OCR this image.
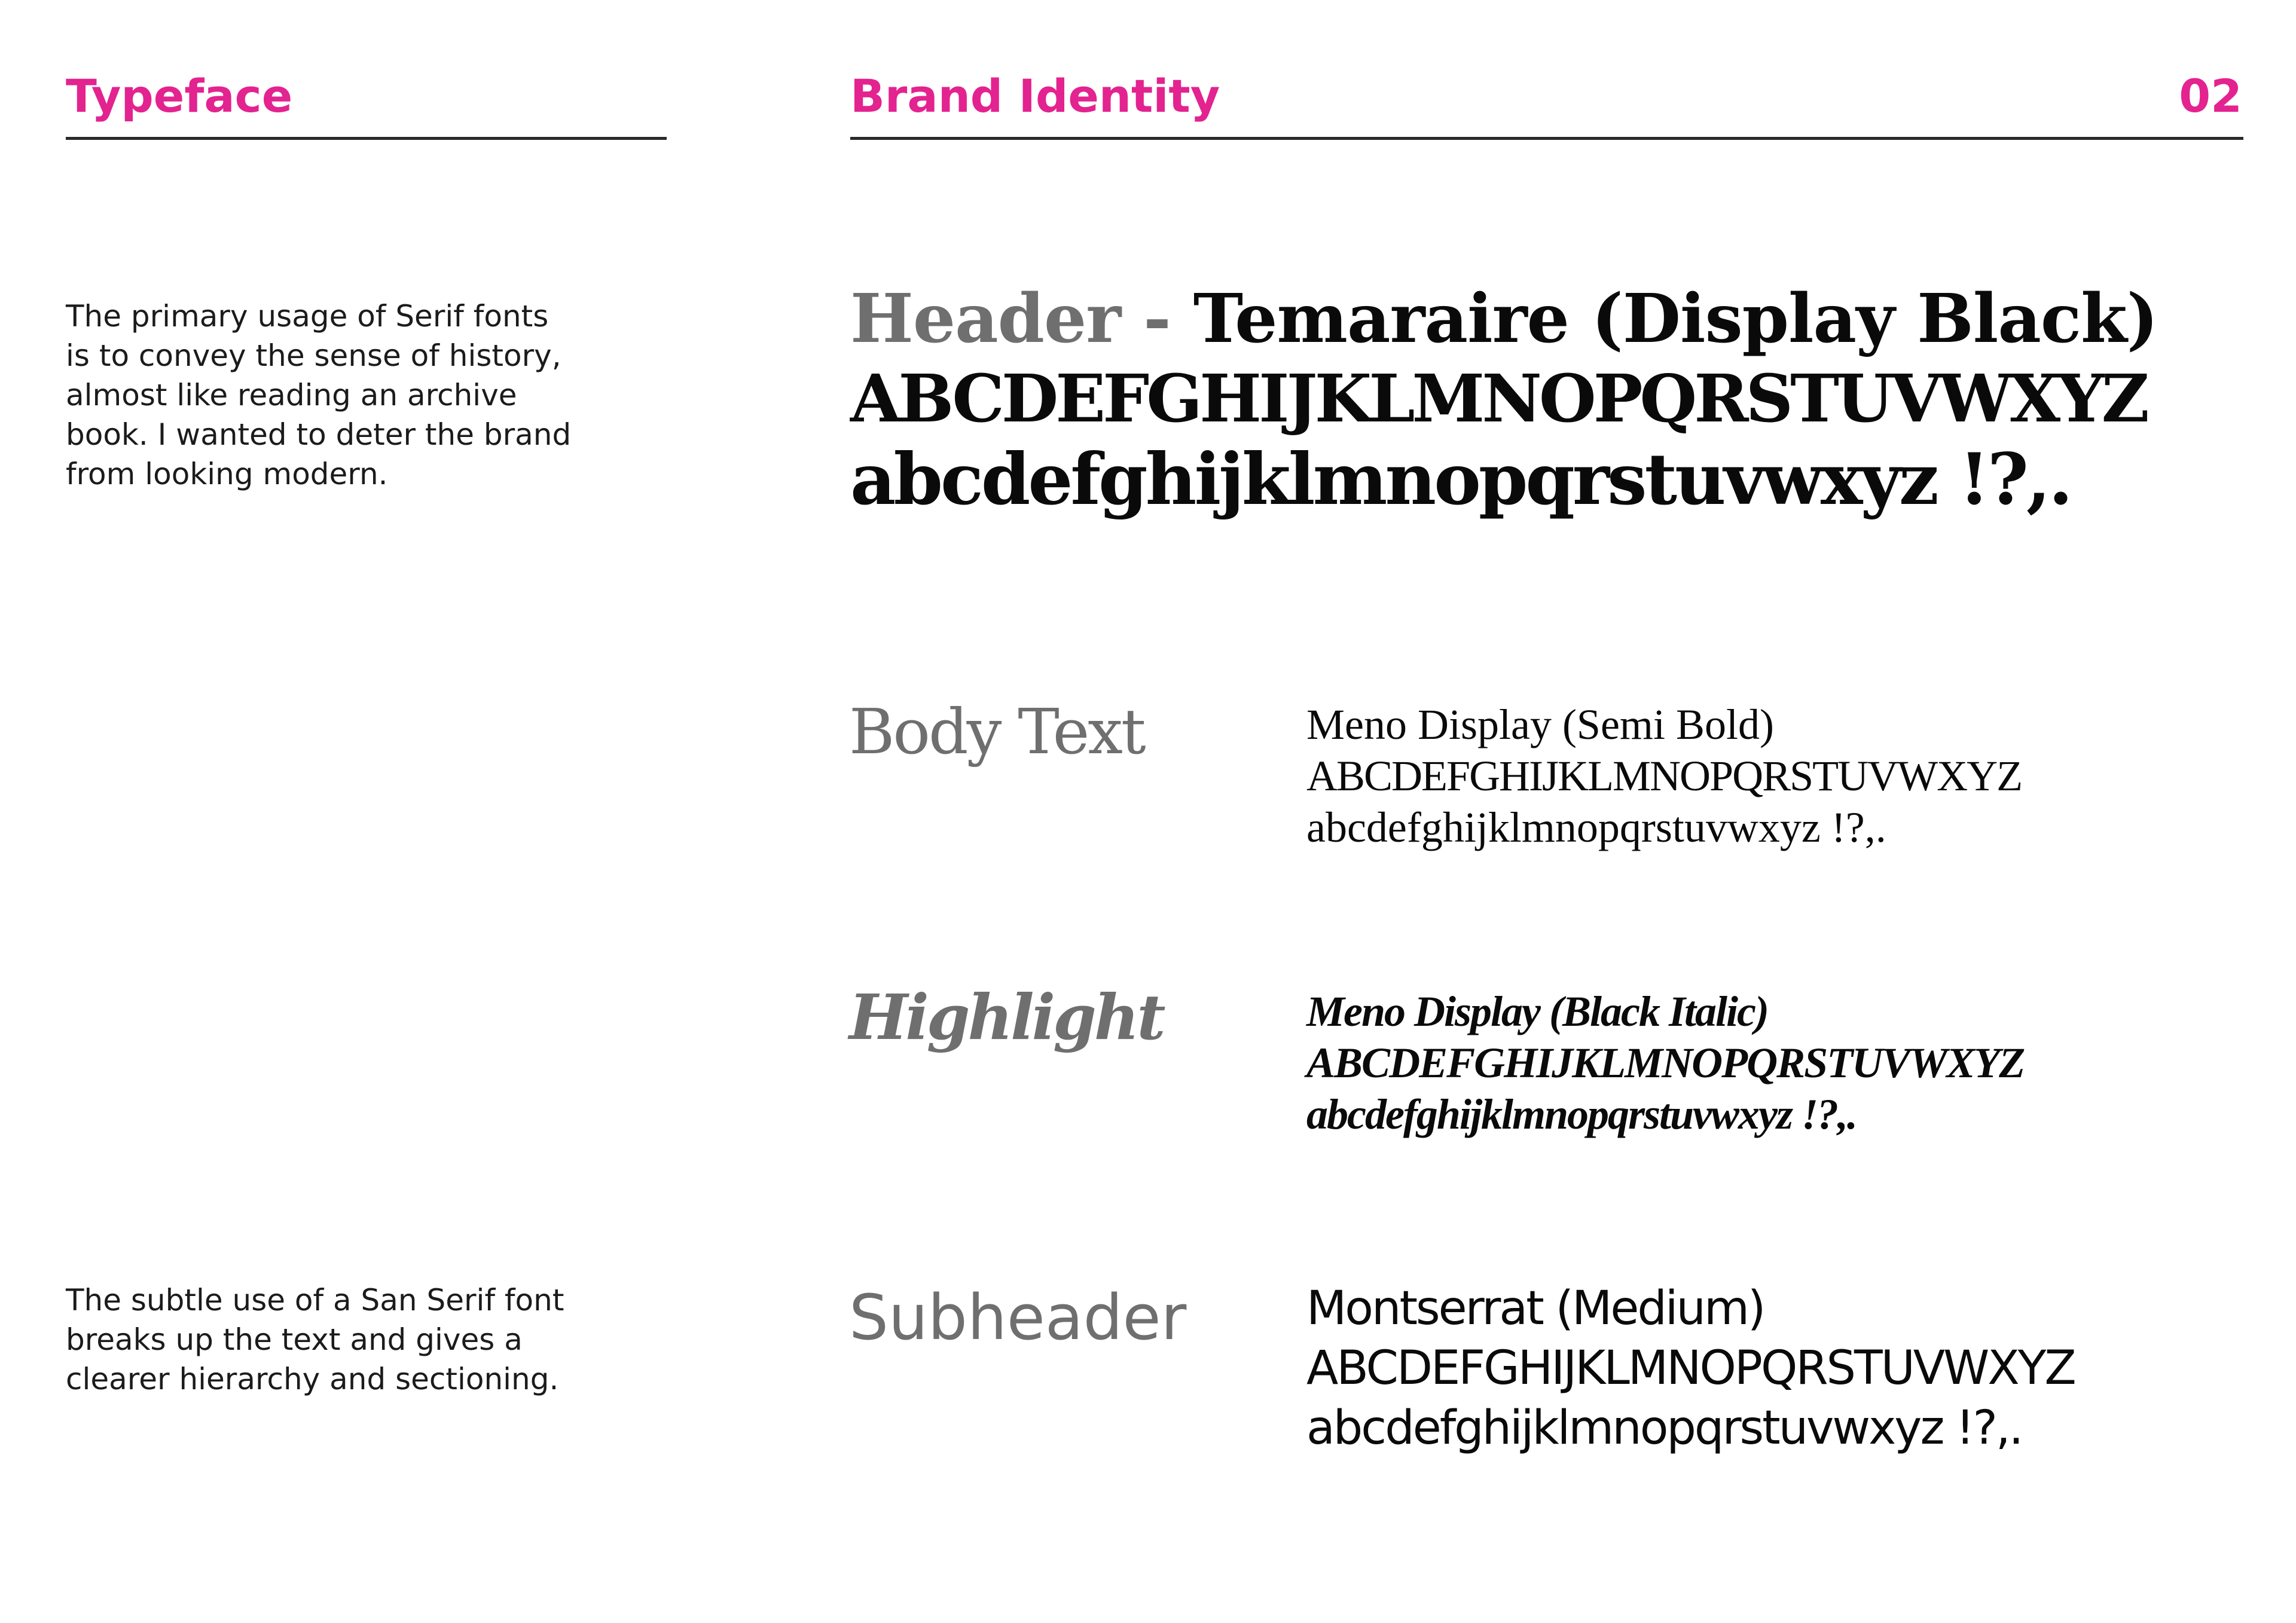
Typeface	Brand Identity	02
The primary usage of Serif fonts
is to convey the sense of history,
almost like reading an archive
book. I wanted to deter the brand
from looking modern.
The subtle use of a San Serif font
breaks up the text and gives a
clearer hierarchy and sectioning.
Header - Temaraire (Display Black)
ABCDEFGHIJKLMNOPQRSTUVWXYZ
abcdefghijklmnopqrstuvwxyz !?,.
Body Text	Meno Display (Semi Bold)
ABCDEFGHIJKLMNOPQRSTUVWXYZ
abcdefghijklmnopqrstuvwxyz !?,.
Highlight	Meno Display (Black Italic)
ABCDEFGHIJKLMNOPQRSTUVWXYZ
abcdefghijklmnopqrstuvwxyz !?,.
Subheader	Montserrat (Medium)
ABCDEFGHIJKLMNOPQRSTUVWXYZ
abcdefghijklmnopqrstuvwxyz !?,.
